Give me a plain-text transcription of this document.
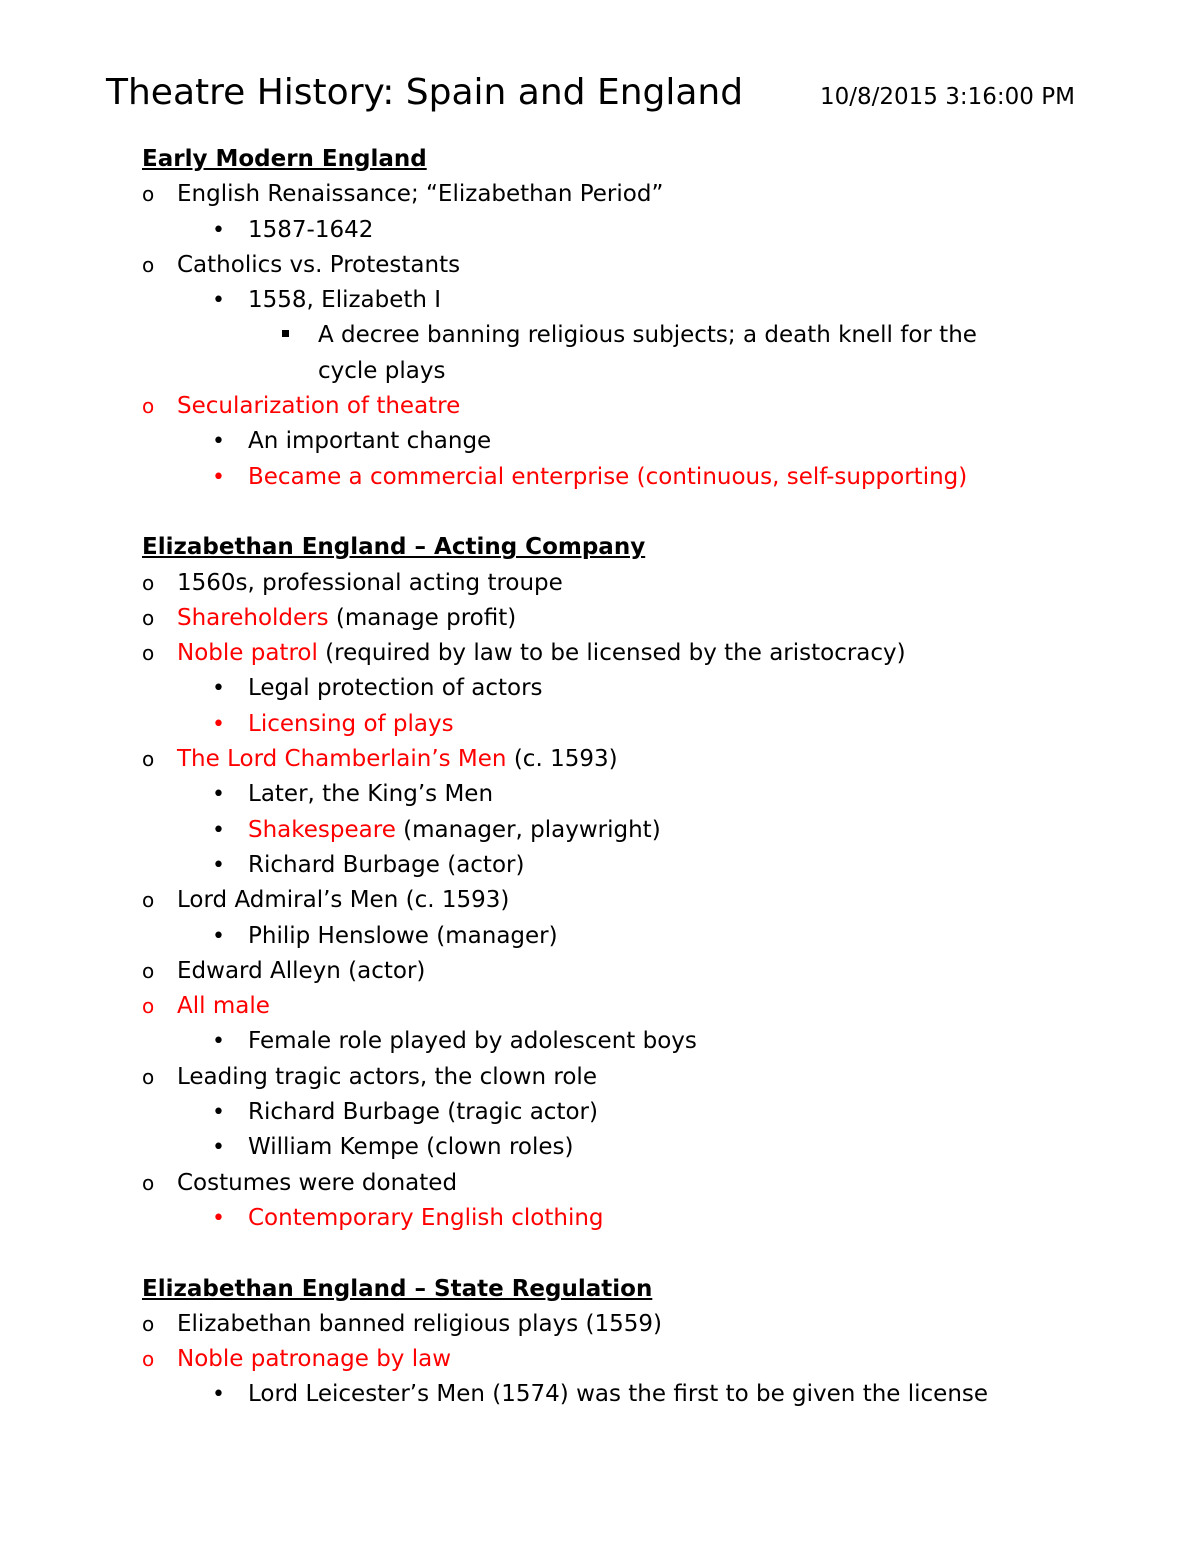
Theatre History: Spain and England	10/8/2015 3:16:00 PM
Early Modern England
o English Renaissance; “Elizabethan Period”
• 1587-1642
o Catholics vs. Protestants
• 1558, Elizabeth I
A decree banning religious subjects; a death knell for the cycle plays
o Secularization of theatre
• An important change
• Became a commercial enterprise (continuous, self-supporting)
Elizabethan England – Acting Company
o 1560s, professional acting troupe
o Shareholders (manage profit)
o Noble patrol (required by law to be licensed by the aristocracy)
• Legal protection of actors
• Licensing of plays
o The Lord Chamberlain’s Men (c. 1593)
• Later, the King’s Men
• Shakespeare (manager, playwright)
• Richard Burbage (actor)
o Lord Admiral’s Men (c. 1593)
• Philip Henslowe (manager)
o Edward Alleyn (actor)
o All male
• Female role played by adolescent boys
o Leading tragic actors, the clown role
• Richard Burbage (tragic actor)
• William Kempe (clown roles)
o Costumes were donated
• Contemporary English clothing
Elizabethan England – State Regulation
o Elizabethan banned religious plays (1559)
o Noble patronage by law
• Lord Leicester’s Men (1574) was the first to be given the license
